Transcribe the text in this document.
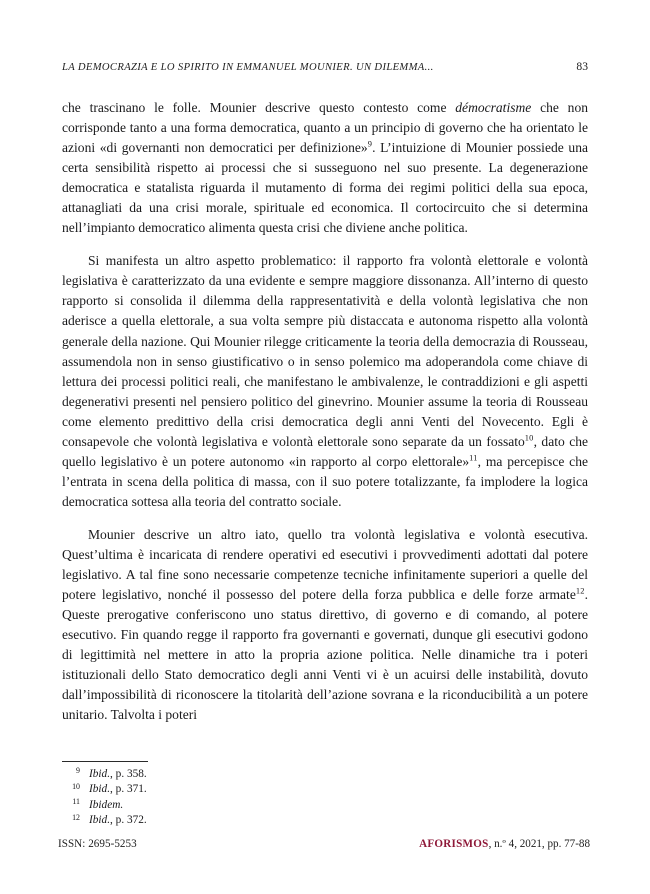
LA DEMOCRAZIA E LO SPIRITO IN EMMANUEL MOUNIER. UN DILEMMA...	83

che trascinano le folle. Mounier descrive questo contesto come démocratisme che non corrisponde tanto a una forma democratica, quanto a un principio di governo che ha orientato le azioni «di governanti non democratici per definizione»$^9$. L’intuizione di Mounier possiede una certa sensibilità rispetto ai processi che si susseguono nel suo presente. La degenerazione democratica e statalista riguarda il mutamento di forma dei regimi politici della sua epoca, attanagliati da una crisi morale, spirituale ed economica. Il cortocircuito che si determina nell’impianto democratico alimenta questa crisi che diviene anche politica.

Si manifesta un altro aspetto problematico: il rapporto fra volontà elettorale e volontà legislativa è caratterizzato da una evidente e sempre maggiore dissonanza. All’interno di questo rapporto si consolida il dilemma della rappresentatività e della volontà legislativa che non aderisce a quella elettorale, a sua volta sempre più distaccata e autonoma rispetto alla volontà generale della nazione. Qui Mounier rilegge criticamente la teoria della democrazia di Rousseau, assumendola non in senso giustificativo o in senso polemico ma adoperandola come chiave di lettura dei processi politici reali, che manifestano le ambivalenze, le contraddizioni e gli aspetti degenerativi presenti nel pensiero politico del ginevrino. Mounier assume la teoria di Rousseau come elemento predittivo della crisi democratica degli anni Venti del Novecento. Egli è consapevole che volontà legislativa e volontà elettorale sono separate da un fossato$^{10}$, dato che quello legislativo è un potere autonomo «in rapporto al corpo elettorale»$^{11}$, ma percepisce che l’entrata in scena della politica di massa, con il suo potere totalizzante, fa implodere la logica democratica sottesa alla teoria del contratto sociale.

Mounier descrive un altro iato, quello tra volontà legislativa e volontà esecutiva. Quest’ultima è incaricata di rendere operativi ed esecutivi i provvedimenti adottati dal potere legislativo. A tal fine sono necessarie competenze tecniche infinitamente superiori a quelle del potere legislativo, nonché il possesso del potere della forza pubblica e delle forze armate$^{12}$. Queste prerogative conferiscono uno status direttivo, di governo e di comando, al potere esecutivo. Fin quando regge il rapporto fra governanti e governati, dunque gli esecutivi godono di legittimità nel mettere in atto la propria azione politica. Nelle dinamiche tra i poteri istituzionali dello Stato democratico degli anni Venti vi è un acuirsi delle instabilità, dovuto dall’impossibilità di riconoscere la titolarità dell’azione sovrana e la riconducibilità a un potere unitario. Talvolta i poteri

9 Ibid., p. 358.
10 Ibid., p. 371.
11 Ibidem.
12 Ibid., p. 372.
ISSN: 2695-5253	AFORISMOS, n.º 4, 2021, pp. 77-88
